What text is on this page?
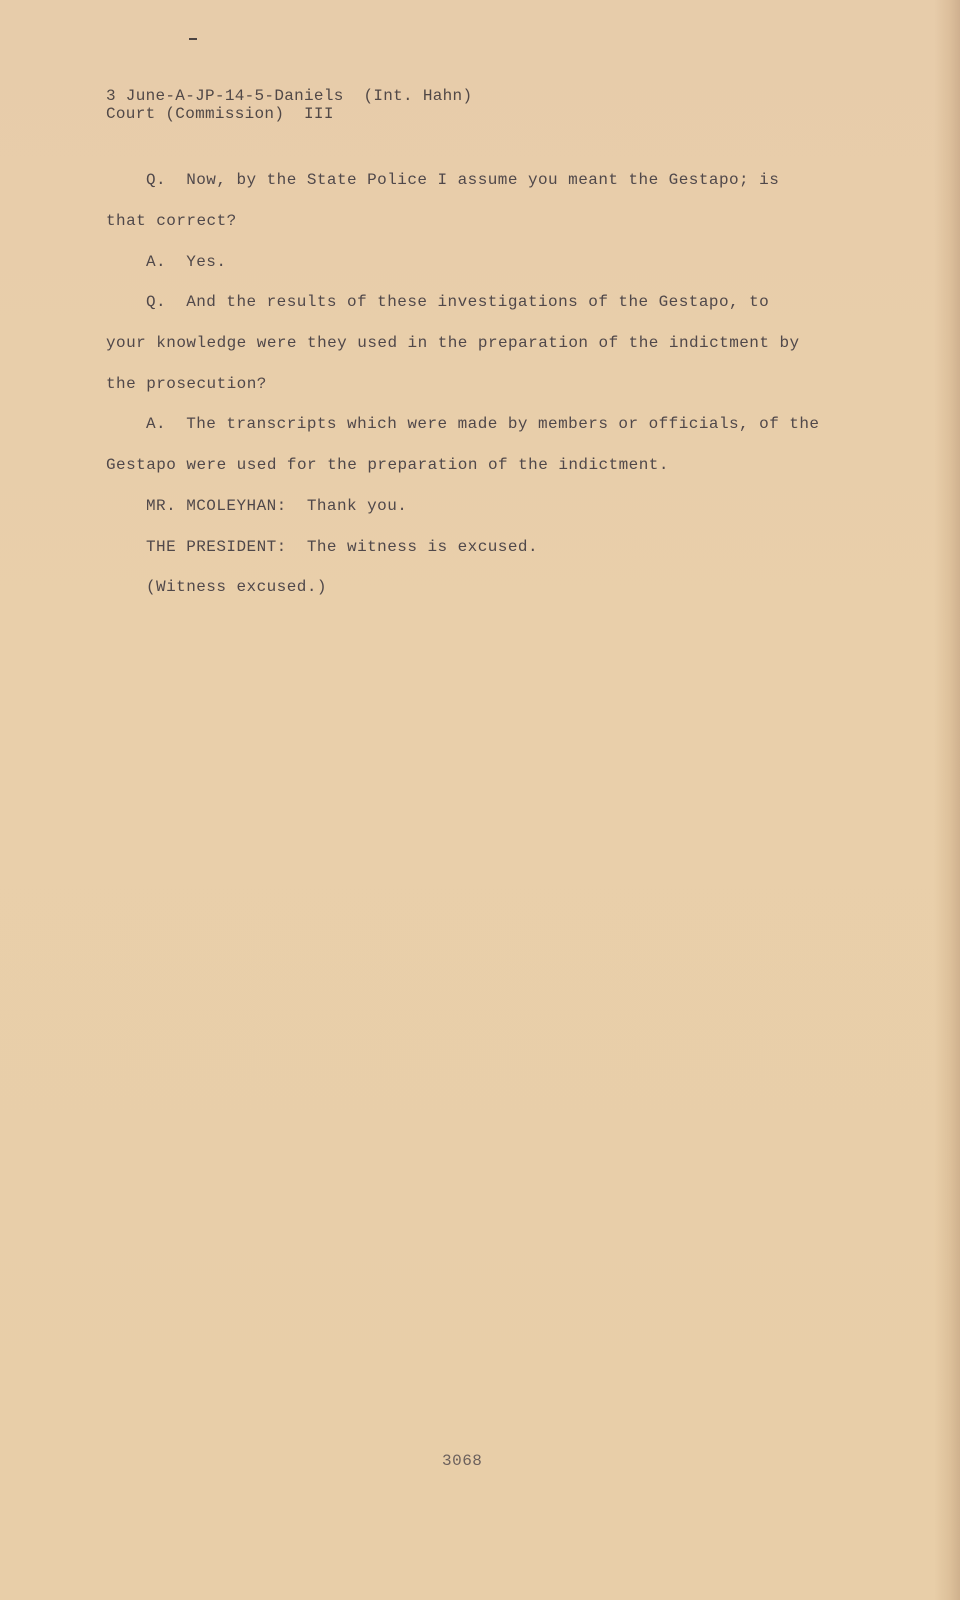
3 June-A-JP-14-5-Daniels  (Int. Hahn)
Court (Commission)  III
Q.  Now, by the State Police I assume you meant the Gestapo; is
that correct?
A.  Yes.
Q.  And the results of these investigations of the Gestapo, to
your knowledge were they used in the preparation of the indictment by
the prosecution?
A.  The transcripts which were made by members or officials, of the
Gestapo were used for the preparation of the indictment.
MR. MCOLEYHAN:  Thank you.
THE PRESIDENT:  The witness is excused.
(Witness excused.)
3068
